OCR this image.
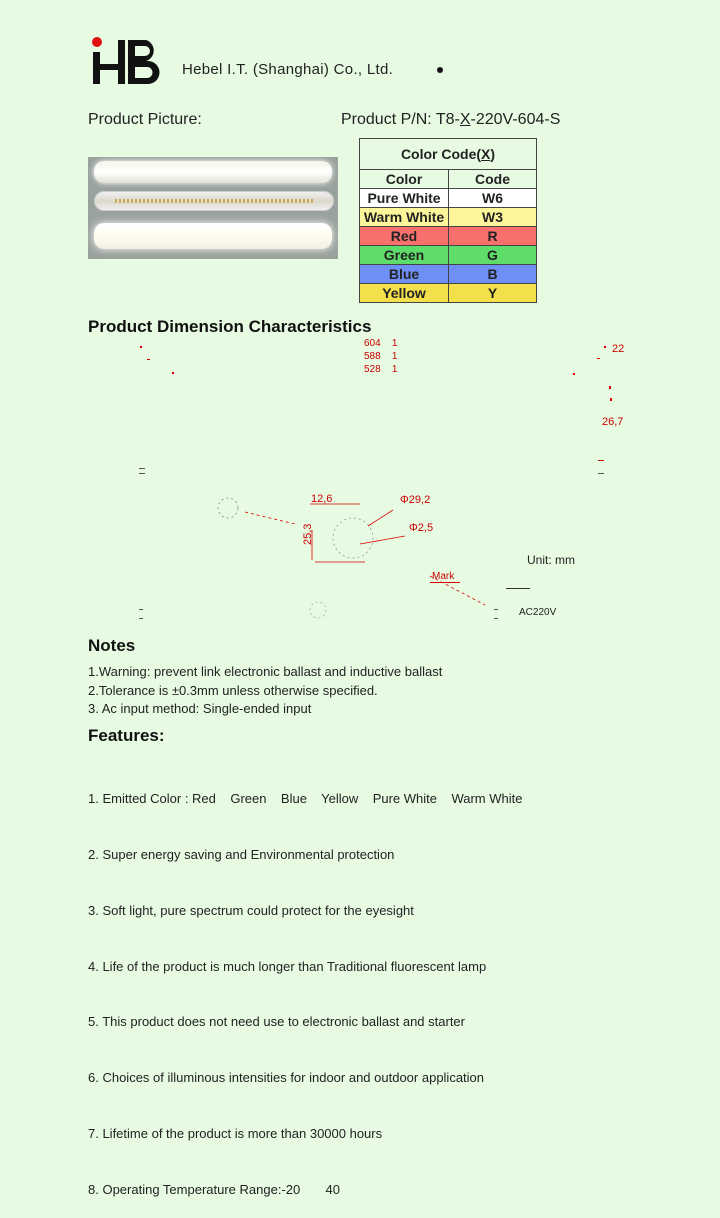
Hebel I.T. (Shanghai) Co., Ltd.
Product Picture:	Product P/N: T8-X-220V-604-S
Color Code(X)	
Color	Code
Pure White	W6
Warm White	W3
Red	R
Green	G
Blue	B
Yellow	Y
Product Dimension Characteristics
604 1
588 1
528 1
22
26,7
12,6	Φ29,2
Φ2,5
25,3
Unit: mm
Mark
AC220V
Notes
1.Warning: prevent link electronic ballast and inductive ballast
2.Tolerance is ±0.3mm unless otherwise specified.
3. Ac input method: Single-ended input
Features:

1. Emitted Color : Red    Green    Blue    Yellow    Pure White    Warm White

2. Super energy saving and Environmental protection

3. Soft light, pure spectrum could protect for the eyesight

4. Life of the product is much longer than Traditional fluorescent lamp

5. This product does not need use to electronic ballast and starter

6. Choices of illuminous intensities for indoor and outdoor application

7. Lifetime of the product is more than 30000 hours

8. Operating Temperature Range:-20       40
